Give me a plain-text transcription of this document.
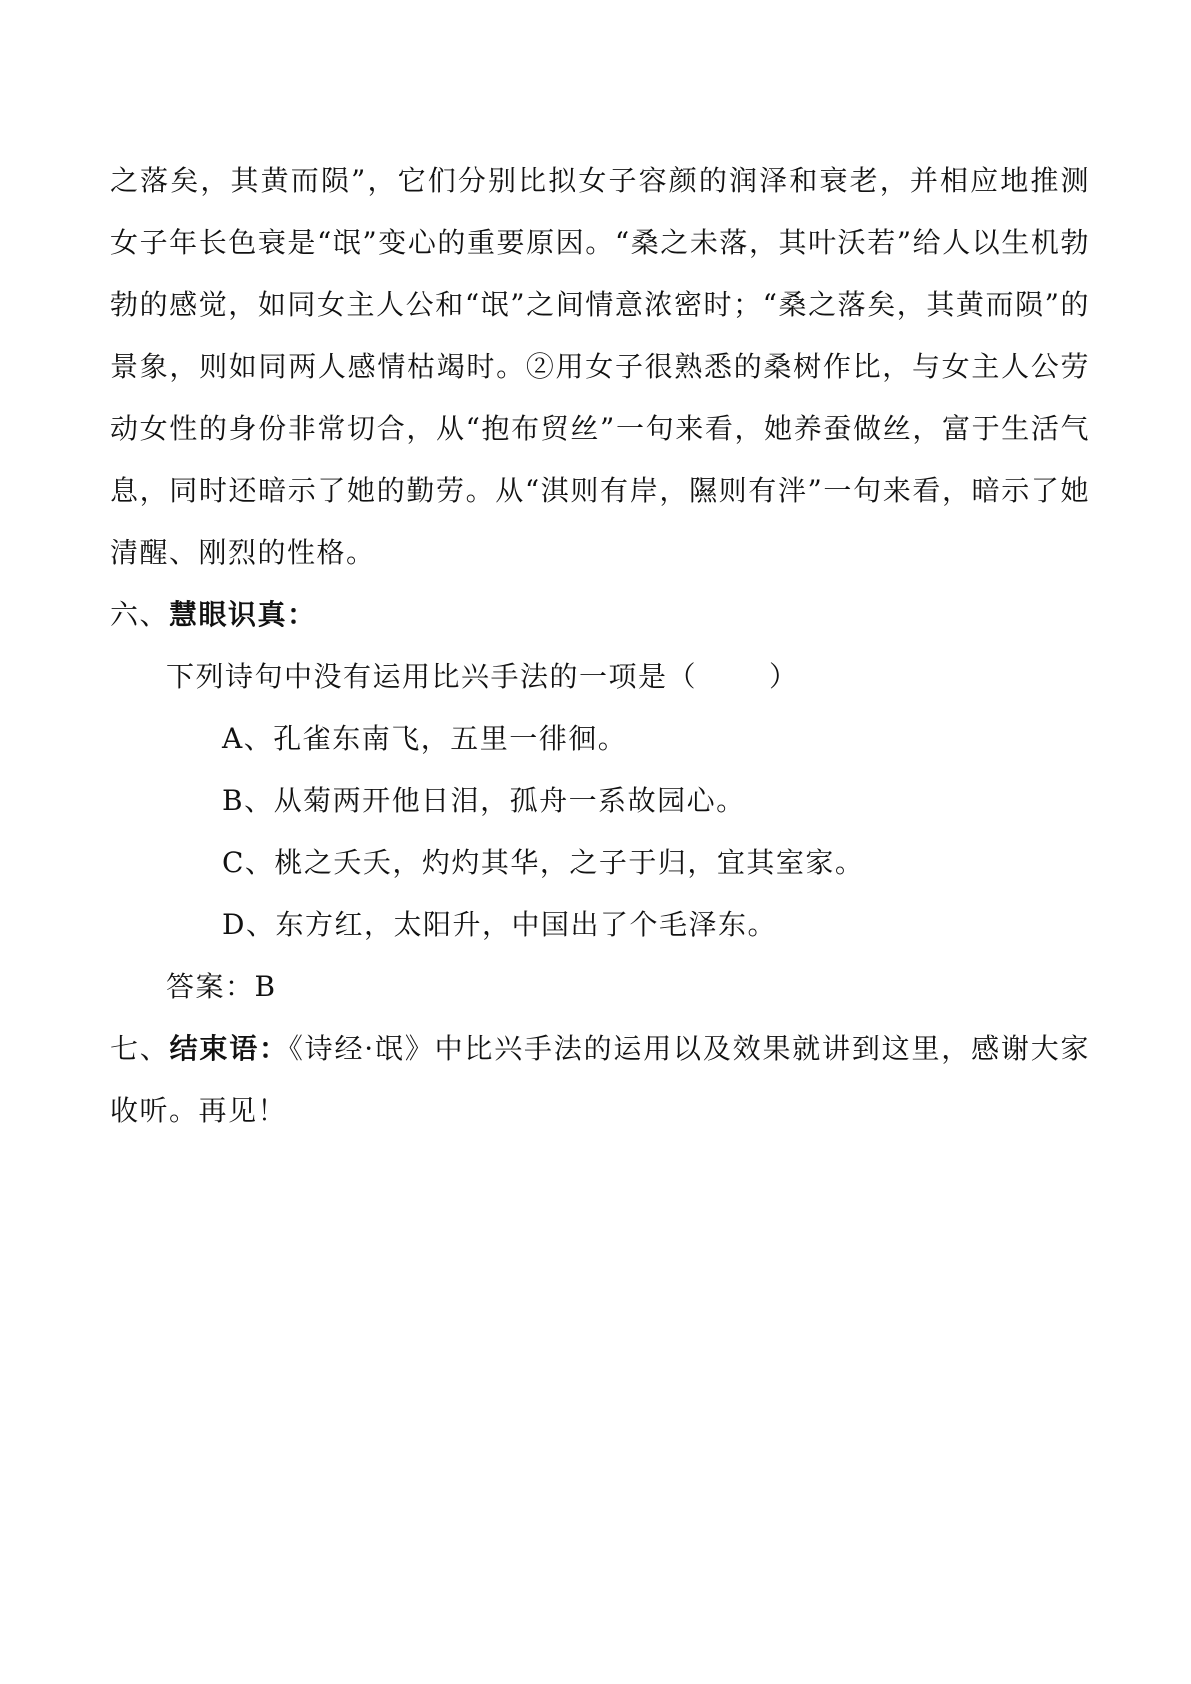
之落矣，其黄而陨”，它们分别比拟女子容颜的润泽和衰老，并相应地推测女子年长色衰是“氓”变心的重要原因。“桑之未落，其叶沃若”给人以生机勃勃的感觉，如同女主人公和“氓”之间情意浓密时；“桑之落矣，其黄而陨”的景象，则如同两人感情枯竭时。②用女子很熟悉的桑树作比，与女主人公劳动女性的身份非常切合，从“抱布贸丝”一句来看，她养蚕做丝，富于生活气息，同时还暗示了她的勤劳。从“淇则有岸，隰则有泮”一句来看，暗示了她清醒、刚烈的性格。

六、慧眼识真：

下列诗句中没有运用比兴手法的一项是（	）

A、孔雀东南飞，五里一徘徊。

B、从菊两开他日泪，孤舟一系故园心。

C、桃之夭夭，灼灼其华，之子于归，宜其室家。

D、东方红，太阳升，中国出了个毛泽东。

答案：B

七、结束语：《诗经·氓》中比兴手法的运用以及效果就讲到这里，感谢大家收听。再见！
